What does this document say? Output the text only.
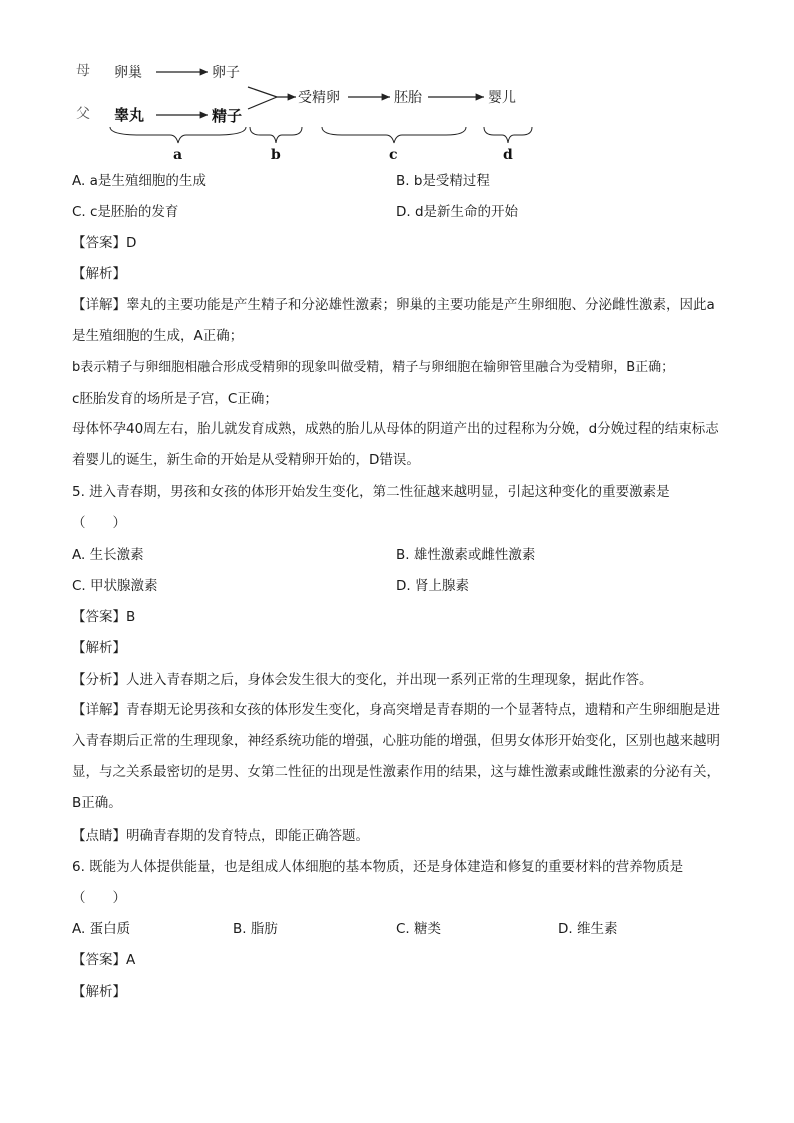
母
父
卵巢
睾丸
卵子
精子
受精卵	胚胎	婴儿
a	b	c	d
A. a是生殖细胞的生成	B. b是受精过程
C. c是胚胎的发育	D. d是新生命的开始
【答案】D
【解析】
【详解】睾丸的主要功能是产生精子和分泌雄性激素；卵巢的主要功能是产生卵细胞、分泌雌性激素，因此a是生殖细胞的生成，A正确；
b表示精子与卵细胞相融合形成受精卵的现象叫做受精，精子与卵细胞在输卵管里融合为受精卵，B正确；
c胚胎发育的场所是子宫，C正确；
母体怀孕40周左右，胎儿就发育成熟，成熟的胎儿从母体的阴道产出的过程称为分娩，d分娩过程的结束标志着婴儿的诞生，新生命的开始是从受精卵开始的，D错误。
5. 进入青春期，男孩和女孩的体形开始发生变化，第二性征越来越明显，引起这种变化的重要激素是
（　　）
A. 生长激素	B. 雄性激素或雌性激素
C. 甲状腺激素	D. 肾上腺素
【答案】B
【解析】
【分析】人进入青春期之后，身体会发生很大的变化，并出现一系列正常的生理现象，据此作答。
【详解】青春期无论男孩和女孩的体形发生变化，身高突增是青春期的一个显著特点，遗精和产生卵细胞是进入青春期后正常的生理现象，神经系统功能的增强，心脏功能的增强，但男女体形开始变化，区别也越来越明显，与之关系最密切的是男、女第二性征的出现是性激素作用的结果，这与雄性激素或雌性激素的分泌有关，B正确。
【点睛】明确青春期的发育特点，即能正确答题。
6. 既能为人体提供能量，也是组成人体细胞的基本物质，还是身体建造和修复的重要材料的营养物质是
（　　）
A. 蛋白质	B. 脂肪	C. 糖类	D. 维生素
【答案】A
【解析】
